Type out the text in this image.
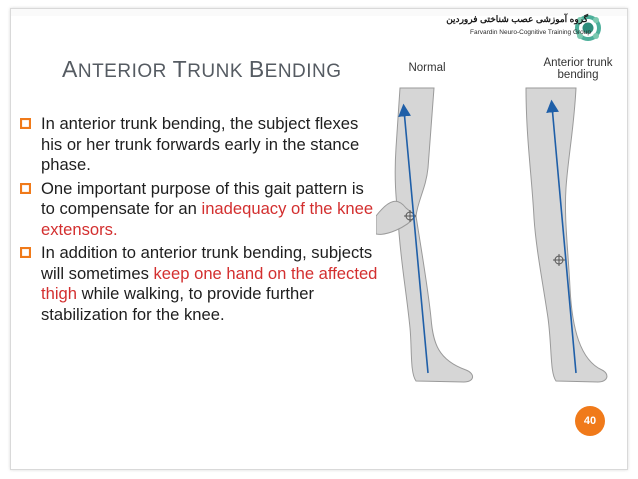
گروه آموزشی عصب شناختی فروردین
Farvardin Neuro-Cognitive Training Group
ANTERIOR TRUNK BENDING
In anterior trunk bending, the subject flexes his or her trunk forwards early in the stance phase.
One important purpose of this gait pattern is to compensate for an inadequacy of the knee extensors.
In addition to anterior trunk bending, subjects will sometimes keep one hand on the affected thigh while walking, to provide further stabilization for the knee.
Normal	Anterior trunk
bending
40
